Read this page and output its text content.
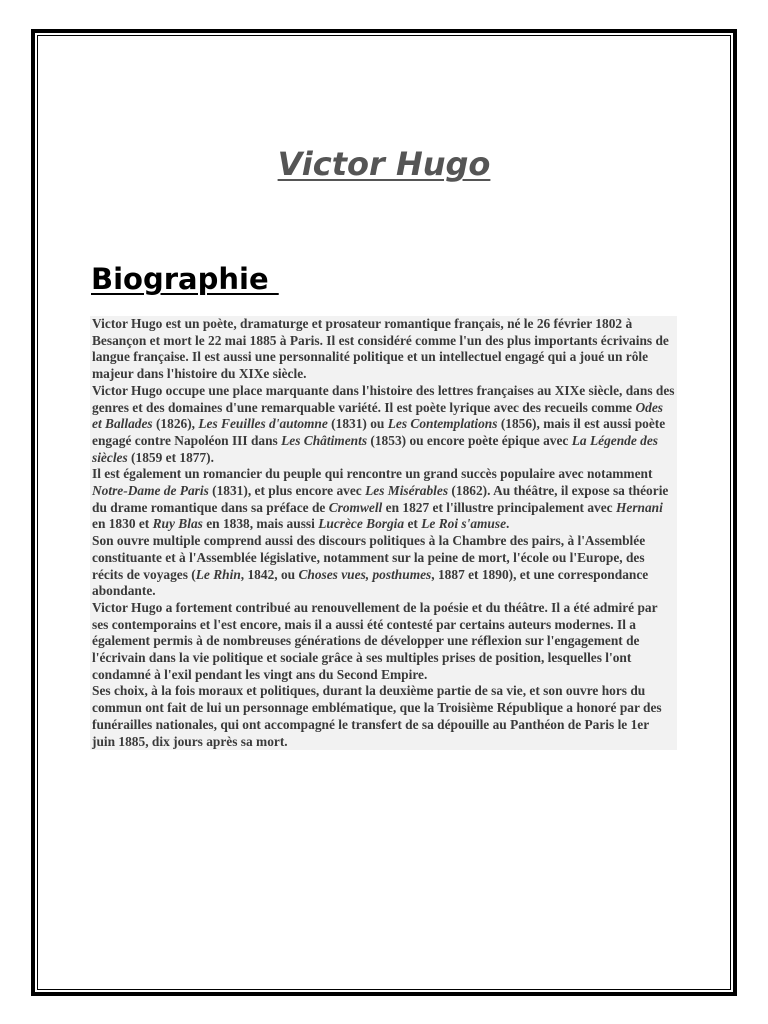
Victor Hugo
Biographie

Victor Hugo est un poète, dramaturge et prosateur romantique français, né le 26 février 1802 à Besançon et mort le 22 mai 1885 à Paris. Il est considéré comme l'un des plus importants écrivains de langue française. Il est aussi une personnalité politique et un intellectuel engagé qui a joué un rôle majeur dans l'histoire du XIXe siècle.

Victor Hugo occupe une place marquante dans l'histoire des lettres françaises au XIXe siècle, dans des genres et des domaines d'une remarquable variété. Il est poète lyrique avec des recueils comme Odes et Ballades (1826), Les Feuilles d'automne (1831) ou Les Contemplations (1856), mais il est aussi poète engagé contre Napoléon III dans Les Châtiments (1853) ou encore poète épique avec La Légende des siècles (1859 et 1877).

Il est également un romancier du peuple qui rencontre un grand succès populaire avec notamment Notre-Dame de Paris (1831), et plus encore avec Les Misérables (1862). Au théâtre, il expose sa théorie du drame romantique dans sa préface de Cromwell en 1827 et l'illustre principalement avec Hernani en 1830 et Ruy Blas en 1838, mais aussi Lucrèce Borgia et Le Roi s'amuse.

Son ouvre multiple comprend aussi des discours politiques à la Chambre des pairs, à l'Assemblée constituante et à l'Assemblée législative, notamment sur la peine de mort, l'école ou l'Europe, des récits de voyages (Le Rhin, 1842, ou Choses vues, posthumes, 1887 et 1890), et une correspondance abondante.

Victor Hugo a fortement contribué au renouvellement de la poésie et du théâtre. Il a été admiré par ses contemporains et l'est encore, mais il a aussi été contesté par certains auteurs modernes. Il a également permis à de nombreuses générations de développer une réflexion sur l'engagement de l'écrivain dans la vie politique et sociale grâce à ses multiples prises de position, lesquelles l'ont condamné à l'exil pendant les vingt ans du Second Empire.

Ses choix, à la fois moraux et politiques, durant la deuxième partie de sa vie, et son ouvre hors du commun ont fait de lui un personnage emblématique, que la Troisième République a honoré par des funérailles nationales, qui ont accompagné le transfert de sa dépouille au Panthéon de Paris le 1er juin 1885, dix jours après sa mort.
